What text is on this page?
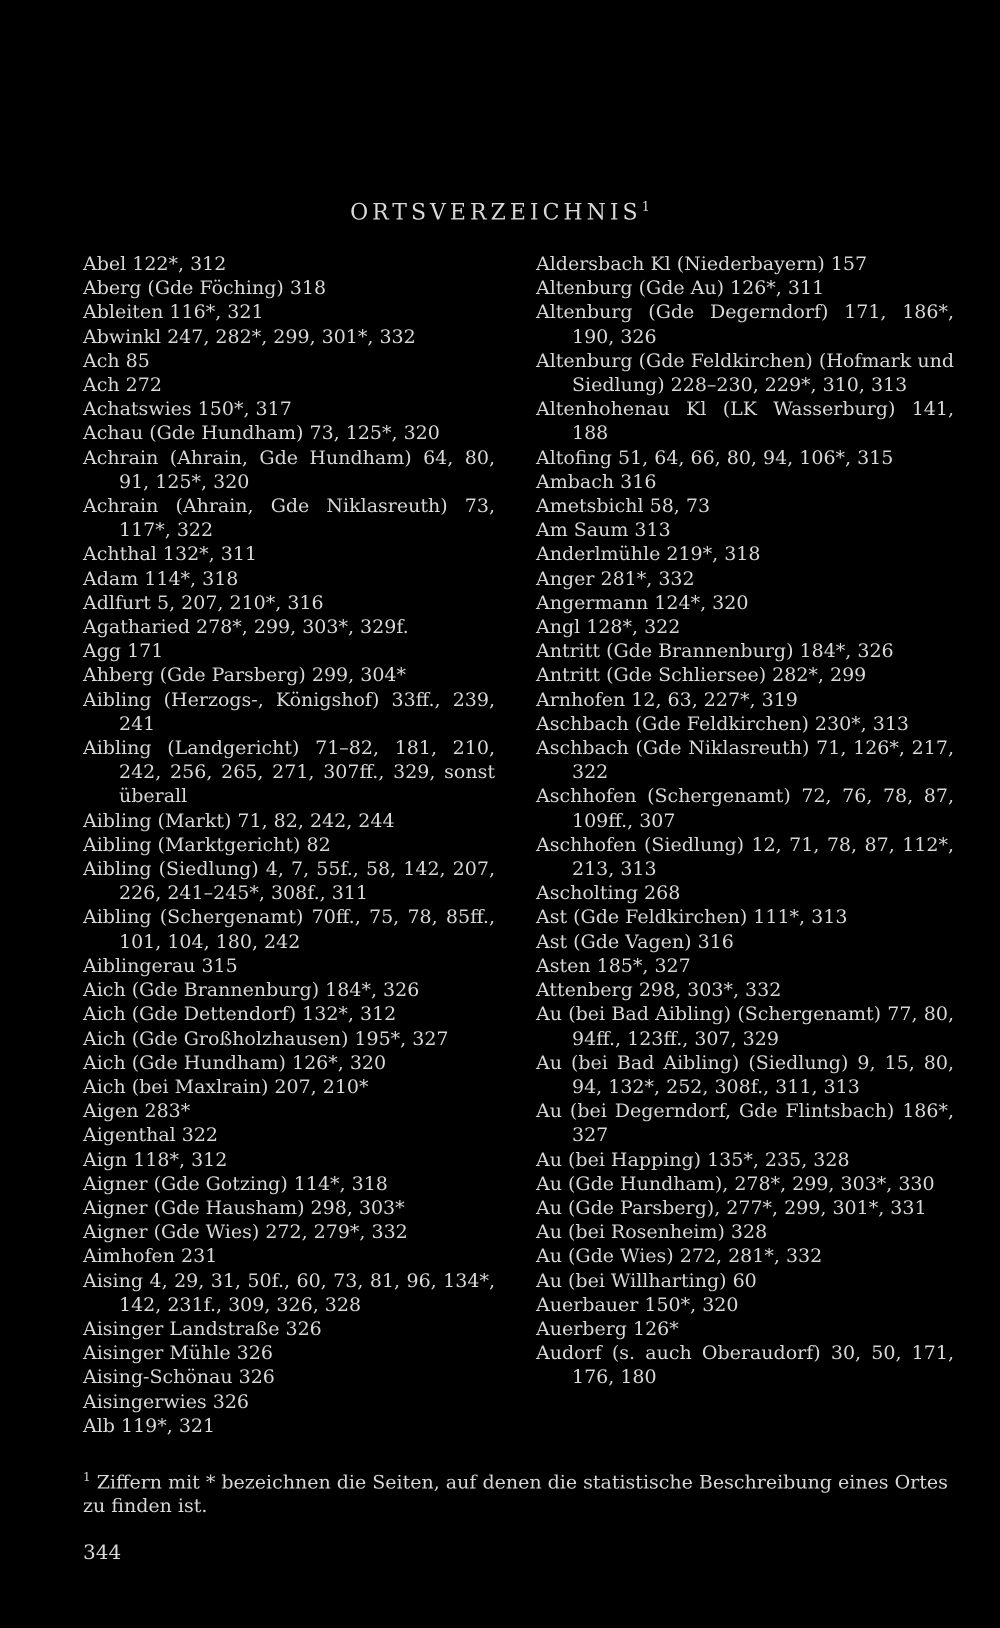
ORTSVERZEICHNIS$^1$
Abel 122*, 312
Aberg (Gde Föching) 318
Ableiten 116*, 321
Abwinkl 247, 282*, 299, 301*, 332
Ach 85
Ach 272
Achatswies 150*, 317
Achau (Gde Hundham) 73, 125*, 320
Achrain (Ahrain, Gde Hundham) 64, 80, 91, 125*, 320
Achrain (Ahrain, Gde Niklasreuth) 73, 117*, 322
Achthal 132*, 311
Adam 114*, 318
Adlfurt 5, 207, 210*, 316
Agatharied 278*, 299, 303*, 329f.
Agg 171
Ahberg (Gde Parsberg) 299, 304*
Aibling (Herzogs-, Königshof) 33ff., 239, 241
Aibling (Landgericht) 71–82, 181, 210, 242, 256, 265, 271, 307ff., 329, sonst überall
Aibling (Markt) 71, 82, 242, 244
Aibling (Marktgericht) 82
Aibling (Siedlung) 4, 7, 55f., 58, 142, 207, 226, 241–245*, 308f., 311
Aibling (Schergenamt) 70ff., 75, 78, 85ff., 101, 104, 180, 242
Aiblingerau 315
Aich (Gde Brannenburg) 184*, 326
Aich (Gde Dettendorf) 132*, 312
Aich (Gde Großholzhausen) 195*, 327
Aich (Gde Hundham) 126*, 320
Aich (bei Maxlrain) 207, 210*
Aigen 283*
Aigenthal 322
Aign 118*, 312
Aigner (Gde Gotzing) 114*, 318
Aigner (Gde Hausham) 298, 303*
Aigner (Gde Wies) 272, 279*, 332
Aimhofen 231
Aising 4, 29, 31, 50f., 60, 73, 81, 96, 134*, 142, 231f., 309, 326, 328
Aisinger Landstraße 326
Aisinger Mühle 326
Aising-Schönau 326
Aisingerwies 326
Alb 119*, 321
Aldersbach Kl (Niederbayern) 157
Altenburg (Gde Au) 126*, 311
Altenburg (Gde Degerndorf) 171, 186*, 190, 326
Altenburg (Gde Feldkirchen) (Hofmark und Siedlung) 228–230, 229*, 310, 313
Altenhohenau Kl (LK Wasserburg) 141, 188
Altofing 51, 64, 66, 80, 94, 106*, 315
Ambach 316
Ametsbichl 58, 73
Am Saum 313
Anderlmühle 219*, 318
Anger 281*, 332
Angermann 124*, 320
Angl 128*, 322
Antritt (Gde Brannenburg) 184*, 326
Antritt (Gde Schliersee) 282*, 299
Arnhofen 12, 63, 227*, 319
Aschbach (Gde Feldkirchen) 230*, 313
Aschbach (Gde Niklasreuth) 71, 126*, 217, 322
Aschhofen (Schergenamt) 72, 76, 78, 87, 109ff., 307
Aschhofen (Siedlung) 12, 71, 78, 87, 112*, 213, 313
Ascholting 268
Ast (Gde Feldkirchen) 111*, 313
Ast (Gde Vagen) 316
Asten 185*, 327
Attenberg 298, 303*, 332
Au (bei Bad Aibling) (Schergenamt) 77, 80, 94ff., 123ff., 307, 329
Au (bei Bad Aibling) (Siedlung) 9, 15, 80, 94, 132*, 252, 308f., 311, 313
Au (bei Degerndorf, Gde Flintsbach) 186*, 327
Au (bei Happing) 135*, 235, 328
Au (Gde Hundham), 278*, 299, 303*, 330
Au (Gde Parsberg), 277*, 299, 301*, 331
Au (bei Rosenheim) 328
Au (Gde Wies) 272, 281*, 332
Au (bei Willharting) 60
Auerbauer 150*, 320
Auerberg 126*
Audorf (s. auch Oberaudorf) 30, 50, 171, 176, 180
$^1$ Ziffern mit * bezeichnen die Seiten, auf denen die statistische Beschreibung eines Ortes zu finden ist.
344
